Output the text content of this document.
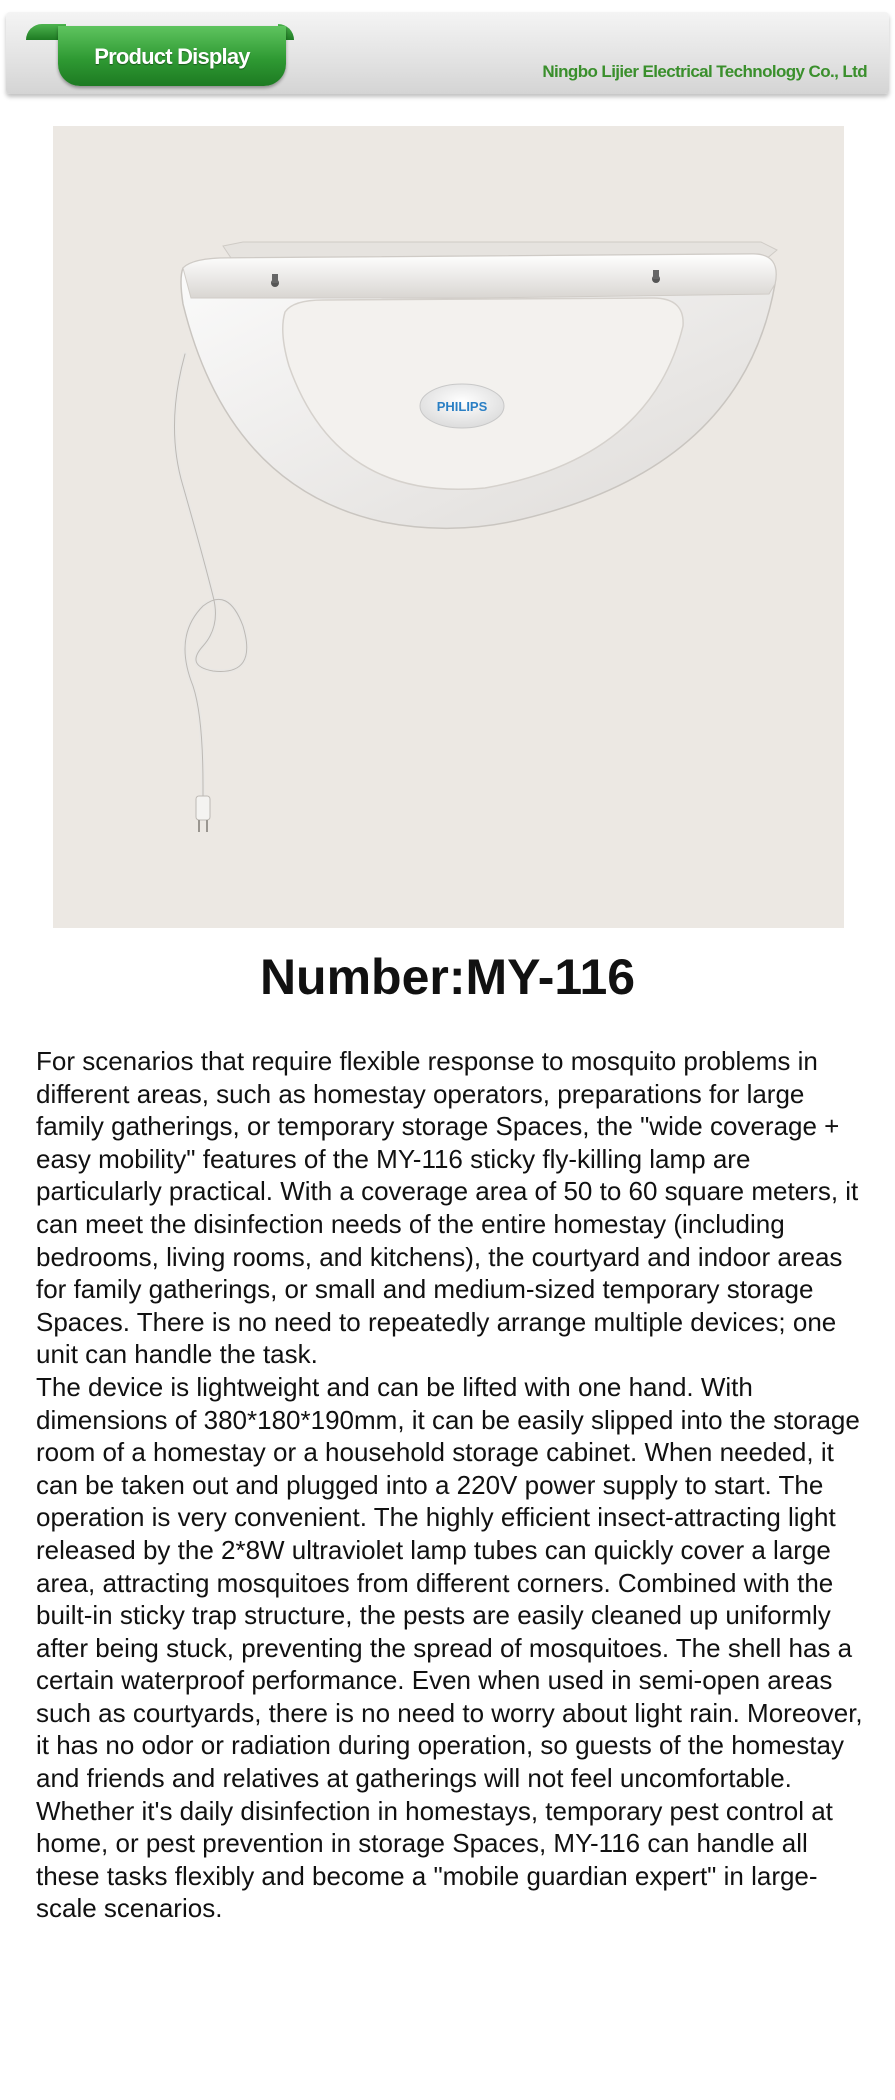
Product Display
Ningbo Lijier Electrical Technology Co., Ltd
PHILIPS
Number:MY-116

For scenarios that require flexible response to mosquito problems in different areas, such as homestay operators, preparations for large family gatherings, or temporary storage Spaces, the "wide coverage + easy mobility" features of the MY-116 sticky fly-killing lamp are particularly practical. With a coverage area of 50 to 60 square meters, it can meet the disinfection needs of the entire homestay (including bedrooms, living rooms, and kitchens), the courtyard and indoor areas for family gatherings, or small and medium-sized temporary storage Spaces. There is no need to repeatedly arrange multiple devices; one unit can handle the task.

The device is lightweight and can be lifted with one hand. With dimensions of 380*180*190mm, it can be easily slipped into the storage room of a homestay or a household storage cabinet. When needed, it can be taken out and plugged into a 220V power supply to start. The operation is very convenient. The highly efficient insect-attracting light released by the 2*8W ultraviolet lamp tubes can quickly cover a large area, attracting mosquitoes from different corners. Combined with the built-in sticky trap structure, the pests are easily cleaned up uniformly after being stuck, preventing the spread of mosquitoes. The shell has a certain waterproof performance. Even when used in semi-open areas such as courtyards, there is no need to worry about light rain. Moreover, it has no odor or radiation during operation, so guests of the homestay and friends and relatives at gatherings will not feel uncomfortable. Whether it's daily disinfection in homestays, temporary pest control at home, or pest prevention in storage Spaces, MY-116 can handle all these tasks flexibly and become a "mobile guardian expert" in large-scale scenarios.
